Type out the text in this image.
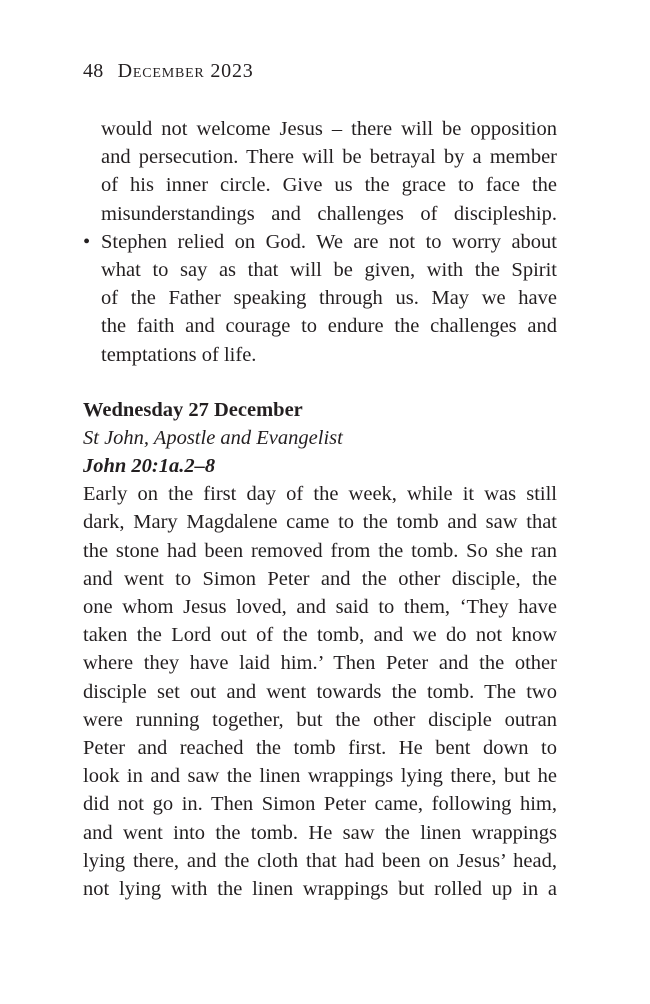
48 December 2023
would not welcome Jesus – there will be opposition
and persecution. There will be betrayal by a member
of his inner circle. Give us the grace to face the
misunderstandings and challenges of discipleship.
• Stephen relied on God. We are not to worry about
what to say as that will be given, with the Spirit
of the Father speaking through us. May we have
the faith and courage to endure the challenges and
temptations of life.
Wednesday 27 December
St John, Apostle and Evangelist
John 20:1a.2–8
Early on the first day of the week, while it was still
dark, Mary Magdalene came to the tomb and saw that
the stone had been removed from the tomb. So she ran
and went to Simon Peter and the other disciple, the
one whom Jesus loved, and said to them, ‘They have
taken the Lord out of the tomb, and we do not know
where they have laid him.’ Then Peter and the other
disciple set out and went towards the tomb. The two
were running together, but the other disciple outran
Peter and reached the tomb first. He bent down to
look in and saw the linen wrappings lying there, but he
did not go in. Then Simon Peter came, following him,
and went into the tomb. He saw the linen wrappings
lying there, and the cloth that had been on Jesus’ head,
not lying with the linen wrappings but rolled up in a
